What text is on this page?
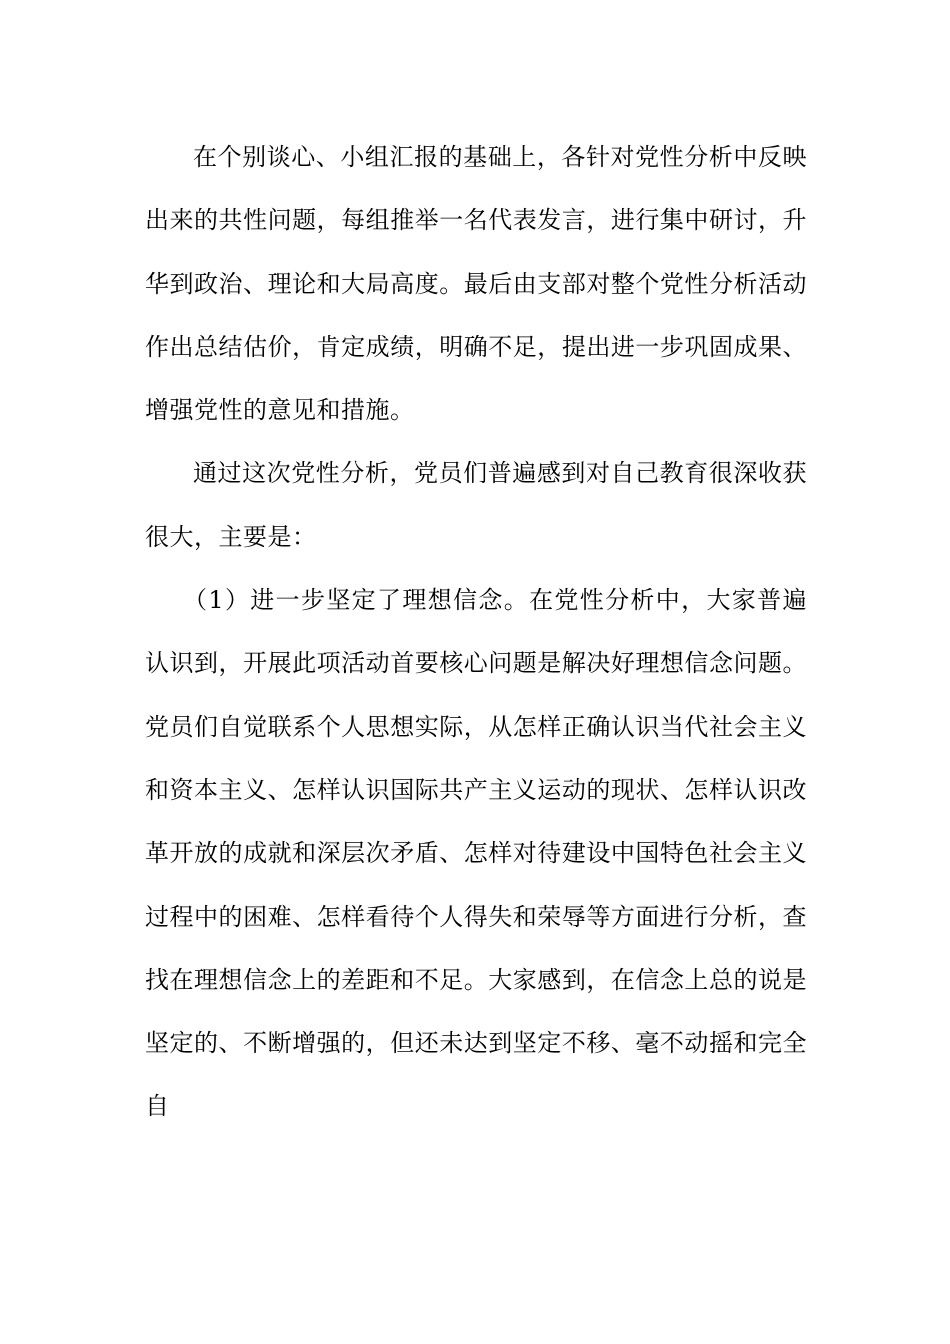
在个别谈心、小组汇报的基础上，各针对党性分析中反映出来的共性问题，每组推举一名代表发言，进行集中研讨，升华到政治、理论和大局高度。最后由支部对整个党性分析活动作出总结估价，肯定成绩，明确不足，提出进一步巩固成果、增强党性的意见和措施。

通过这次党性分析，党员们普遍感到对自己教育很深收获很大，主要是：

（1）进一步坚定了理想信念。在党性分析中，大家普遍认识到，开展此项活动首要核心问题是解决好理想信念问题。党员们自觉联系个人思想实际，从怎样正确认识当代社会主义和资本主义、怎样认识国际共产主义运动的现状、怎样认识改革开放的成就和深层次矛盾、怎样对待建设中国特色社会主义过程中的困难、怎样看待个人得失和荣辱等方面进行分析，查找在理想信念上的差距和不足。大家感到，在信念上总的说是坚定的、不断增强的，但还未达到坚定不移、毫不动摇和完全自
